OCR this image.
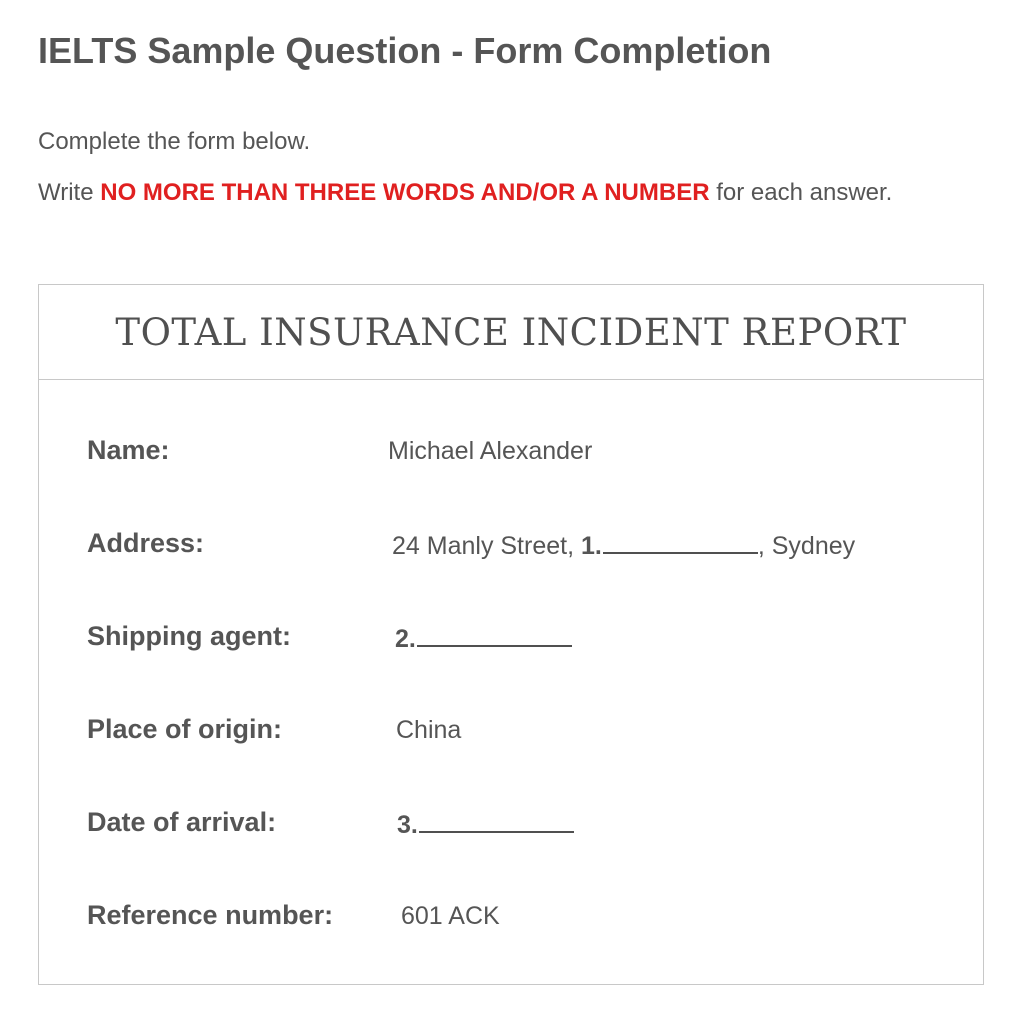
IELTS Sample Question - Form Completion
Complete the form below.
Write NO MORE THAN THREE WORDS AND/OR A NUMBER for each answer.
TOTAL INSURANCE INCIDENT REPORT
Name:	Michael Alexander
Address:	24 Manly Street, 1.	, Sydney
Shipping agent:	2.
Place of origin:	China
Date of arrival:	3.
Reference number:	601 ACK
